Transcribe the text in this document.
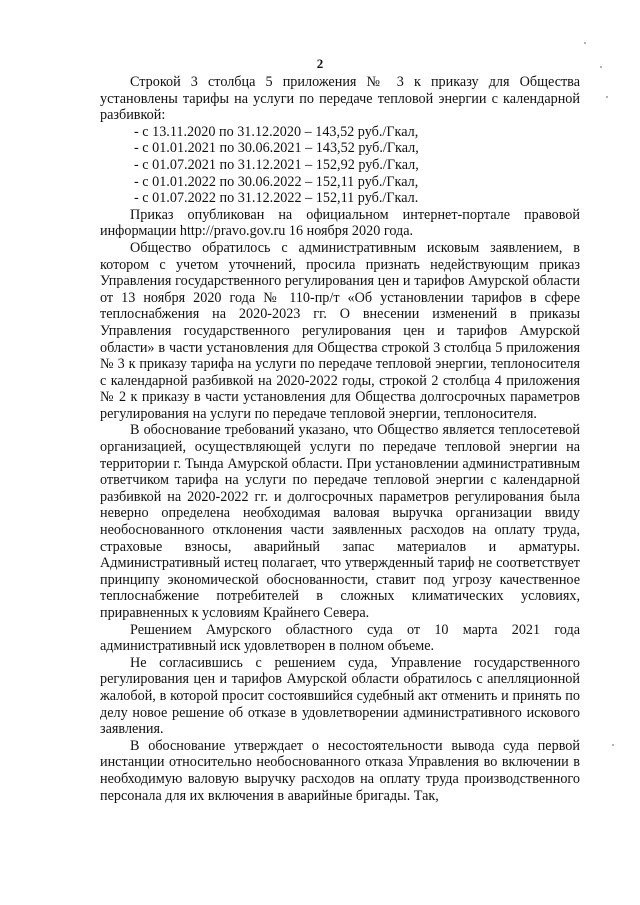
2

Строкой 3 столбца 5 приложения № 3 к приказу для Общества установлены тарифы на услуги по передаче тепловой энергии с календарной разбивкой:

- с 13.11.2020 по 31.12.2020 – 143,52 руб./Гкал,
- с 01.01.2021 по 30.06.2021 – 143,52 руб./Гкал,
- с 01.07.2021 по 31.12.2021 – 152,92 руб./Гкал,
- с 01.01.2022 по 30.06.2022 – 152,11 руб./Гкал,
- с 01.07.2022 по 31.12.2022 – 152,11 руб./Гкал.

Приказ опубликован на официальном интернет-портале правовой информации http://pravo.gov.ru 16 ноября 2020 года.

Общество обратилось с административным исковым заявлением, в котором с учетом уточнений, просила признать недействующим приказ Управления государственного регулирования цен и тарифов Амурской области от 13 ноября 2020 года № 110-пр/т «Об установлении тарифов в сфере теплоснабжения на 2020-2023 гг. О внесении изменений в приказы Управления государственного регулирования цен и тарифов Амурской области» в части установления для Общества строкой 3 столбца 5 приложения № 3 к приказу тарифа на услуги по передаче тепловой энергии, теплоносителя с календарной разбивкой на 2020-2022 годы, строкой 2 столбца 4 приложения № 2 к приказу в части установления для Общества долгосрочных параметров регулирования на услуги по передаче тепловой энергии, теплоносителя.

В обоснование требований указано, что Общество является теплосетевой организацией, осуществляющей услуги по передаче тепловой энергии на территории г. Тында Амурской области. При установлении административным ответчиком тарифа на услуги по передаче тепловой энергии с календарной разбивкой на 2020-2022 гг. и долгосрочных параметров регулирования была неверно определена необходимая валовая выручка организации ввиду необоснованного отклонения части заявленных расходов на оплату труда, страховые взносы, аварийный запас материалов и арматуры. Административный истец полагает, что утвержденный тариф не соответствует принципу экономической обоснованности, ставит под угрозу качественное теплоснабжение потребителей в сложных климатических условиях, приравненных к условиям Крайнего Севера.

Решением Амурского областного суда от 10 марта 2021 года административный иск удовлетворен в полном объеме.

Не согласившись с решением суда, Управление государственного регулирования цен и тарифов Амурской области обратилось с апелляционной жалобой, в которой просит состоявшийся судебный акт отменить и принять по делу новое решение об отказе в удовлетворении административного искового заявления.

В обоснование утверждает о несостоятельности вывода суда первой инстанции относительно необоснованного отказа Управления во включении в необходимую валовую выручку расходов на оплату труда производственного персонала для их включения в аварийные бригады. Так,
